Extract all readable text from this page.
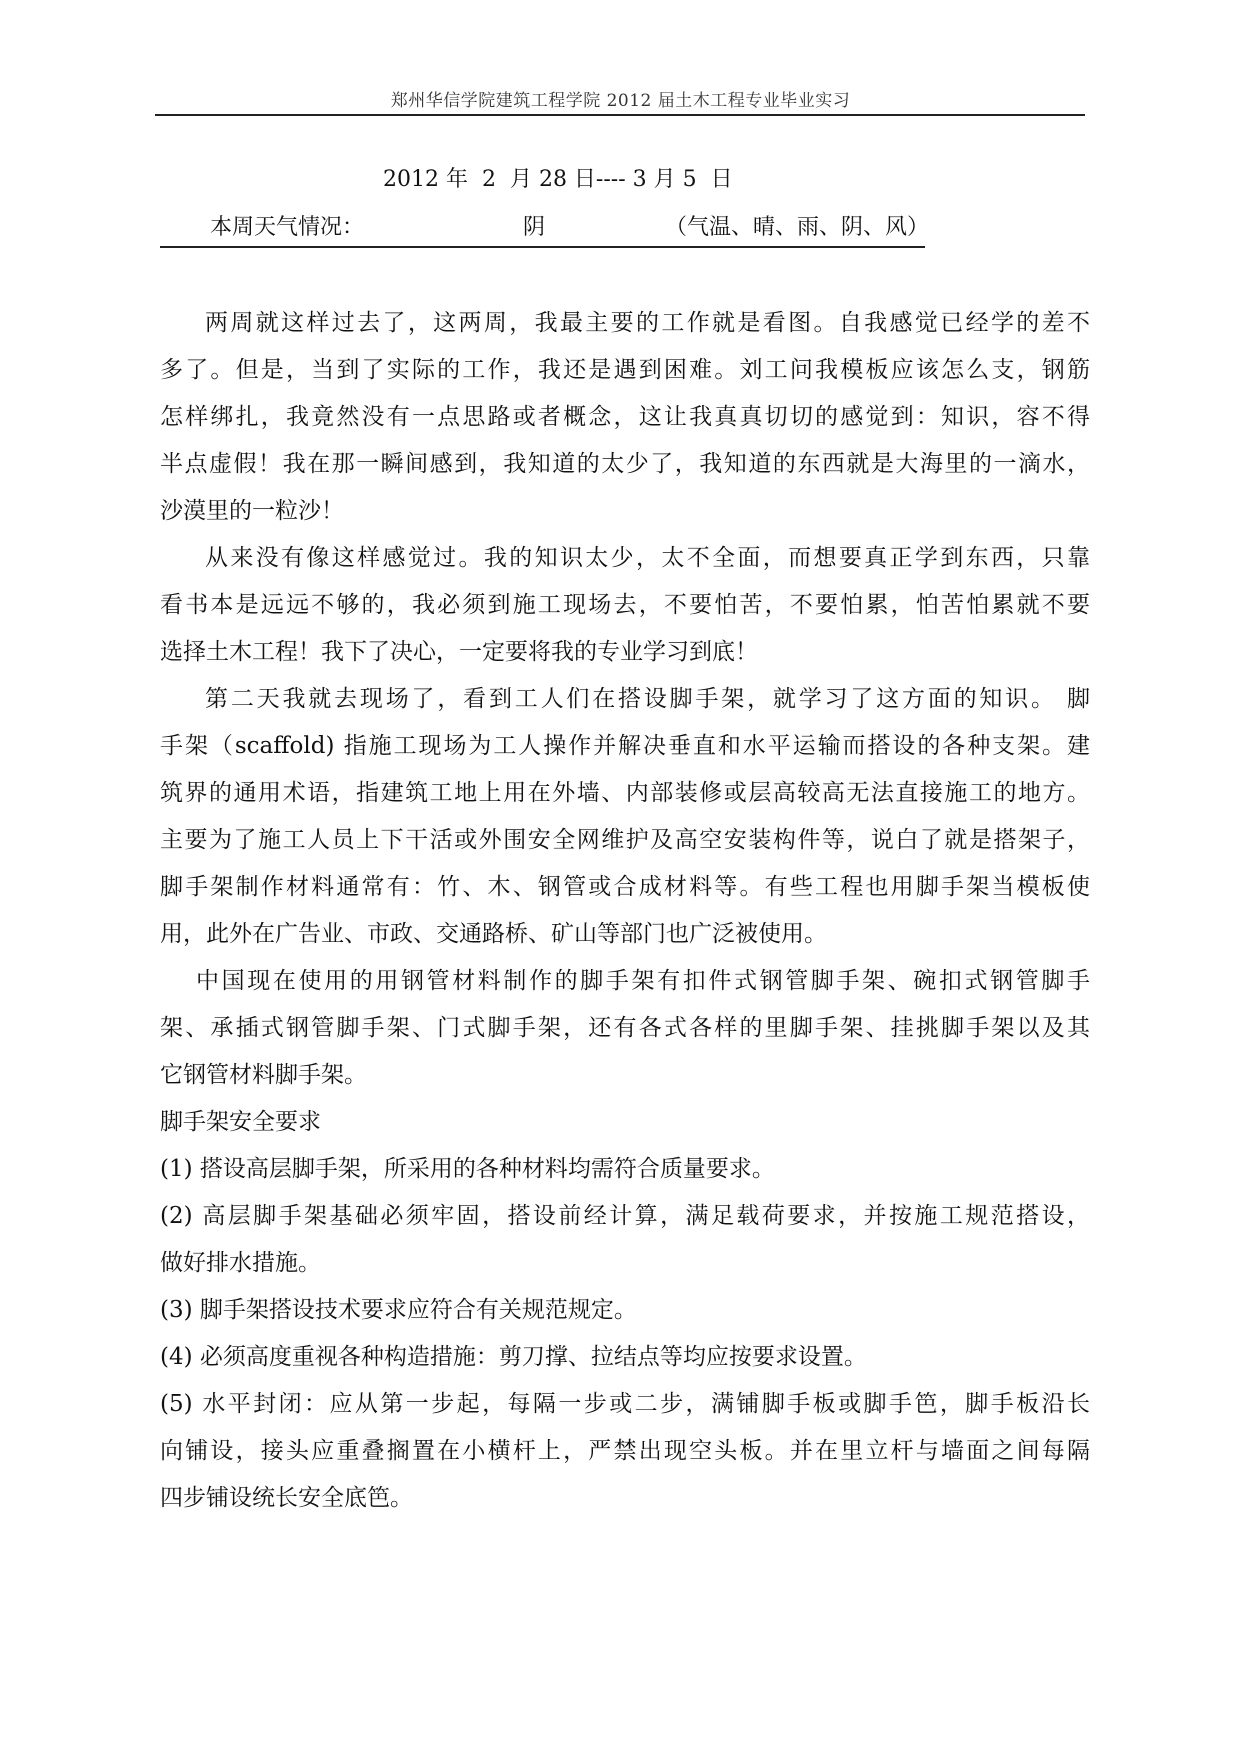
郑州华信学院建筑工程学院 2012 届土木工程专业毕业实习
2012 年  2  月 28 日---- 3 月 5  日
本周天气情况：	阴	（气温、晴、雨、阴、风）
两周就这样过去了，这两周，我最主要的工作就是看图。自我感觉已经学的差不
多了。但是，当到了实际的工作，我还是遇到困难。刘工问我模板应该怎么支，钢筋
怎样绑扎，我竟然没有一点思路或者概念，这让我真真切切的感觉到：知识，容不得
半点虚假！我在那一瞬间感到，我知道的太少了，我知道的东西就是大海里的一滴水，
沙漠里的一粒沙！
从来没有像这样感觉过。我的知识太少，太不全面，而想要真正学到东西，只靠
看书本是远远不够的，我必须到施工现场去，不要怕苦，不要怕累，怕苦怕累就不要
选择土木工程！我下了决心，一定要将我的专业学习到底！
第二天我就去现场了，看到工人们在搭设脚手架，就学习了这方面的知识。 脚
手架（scaffold) 指施工现场为工人操作并解决垂直和水平运输而搭设的各种支架。建
筑界的通用术语，指建筑工地上用在外墙、内部装修或层高较高无法直接施工的地方。
主要为了施工人员上下干活或外围安全网维护及高空安装构件等，说白了就是搭架子，
脚手架制作材料通常有：竹、木、钢管或合成材料等。有些工程也用脚手架当模板使
用，此外在广告业、市政、交通路桥、矿山等部门也广泛被使用。
中国现在使用的用钢管材料制作的脚手架有扣件式钢管脚手架、碗扣式钢管脚手
架、承插式钢管脚手架、门式脚手架，还有各式各样的里脚手架、挂挑脚手架以及其
它钢管材料脚手架。
脚手架安全要求
(1) 搭设高层脚手架，所采用的各种材料均需符合质量要求。
(2) 高层脚手架基础必须牢固，搭设前经计算，满足载荷要求，并按施工规范搭设，
做好排水措施。
(3) 脚手架搭设技术要求应符合有关规范规定。
(4) 必须高度重视各种构造措施：剪刀撑、拉结点等均应按要求设置。
(5) 水平封闭：应从第一步起，每隔一步或二步，满铺脚手板或脚手笆，脚手板沿长
向铺设，接头应重叠搁置在小横杆上，严禁出现空头板。并在里立杆与墙面之间每隔
四步铺设统长安全底笆。
